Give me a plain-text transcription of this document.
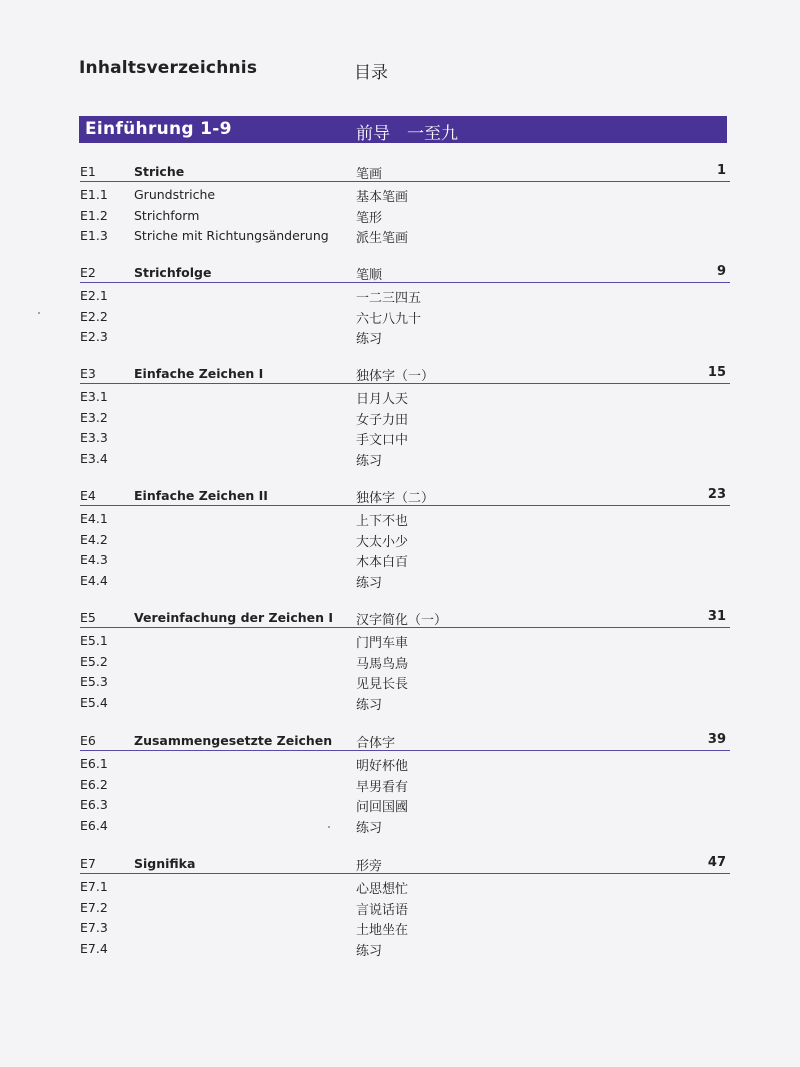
Inhaltsverzeichnis	目录
Einführung 1-9	前导　一至九
E1	Striche	笔画	1
E1.1 Grundstriche	基本笔画
E1.2 Strichform	笔形
E1.3 Striche mit Richtungsänderung 派生笔画
E2	Strichfolge	笔顺	9
E2.1	一二三四五
E2.2	六七八九十
E2.3	练习
E3	Einfache Zeichen I	独体字（一）	15
E3.1	日月人天
E3.2	女子力田
E3.3	手文口中
E3.4	练习
E4	Einfache Zeichen II	独体字（二）	23
E4.1	上下不也
E4.2	大太小少
E4.3	木本白百
E4.4	练习
E5	Vereinfachung der Zeichen I 汉字简化（一）	31
E5.1	门門车車
E5.2	马馬鸟鳥
E5.3	见見长長
E5.4	练习
E6	Zusammengesetzte Zeichen 合体字	39
E6.1	明好杯他
E6.2	早男看有
E6.3	问回国國
E6.4	练习
E7	Signifika	形旁	47
E7.1	心思想忙
E7.2	言说话语
E7.3	土地坐在
E7.4	练习
